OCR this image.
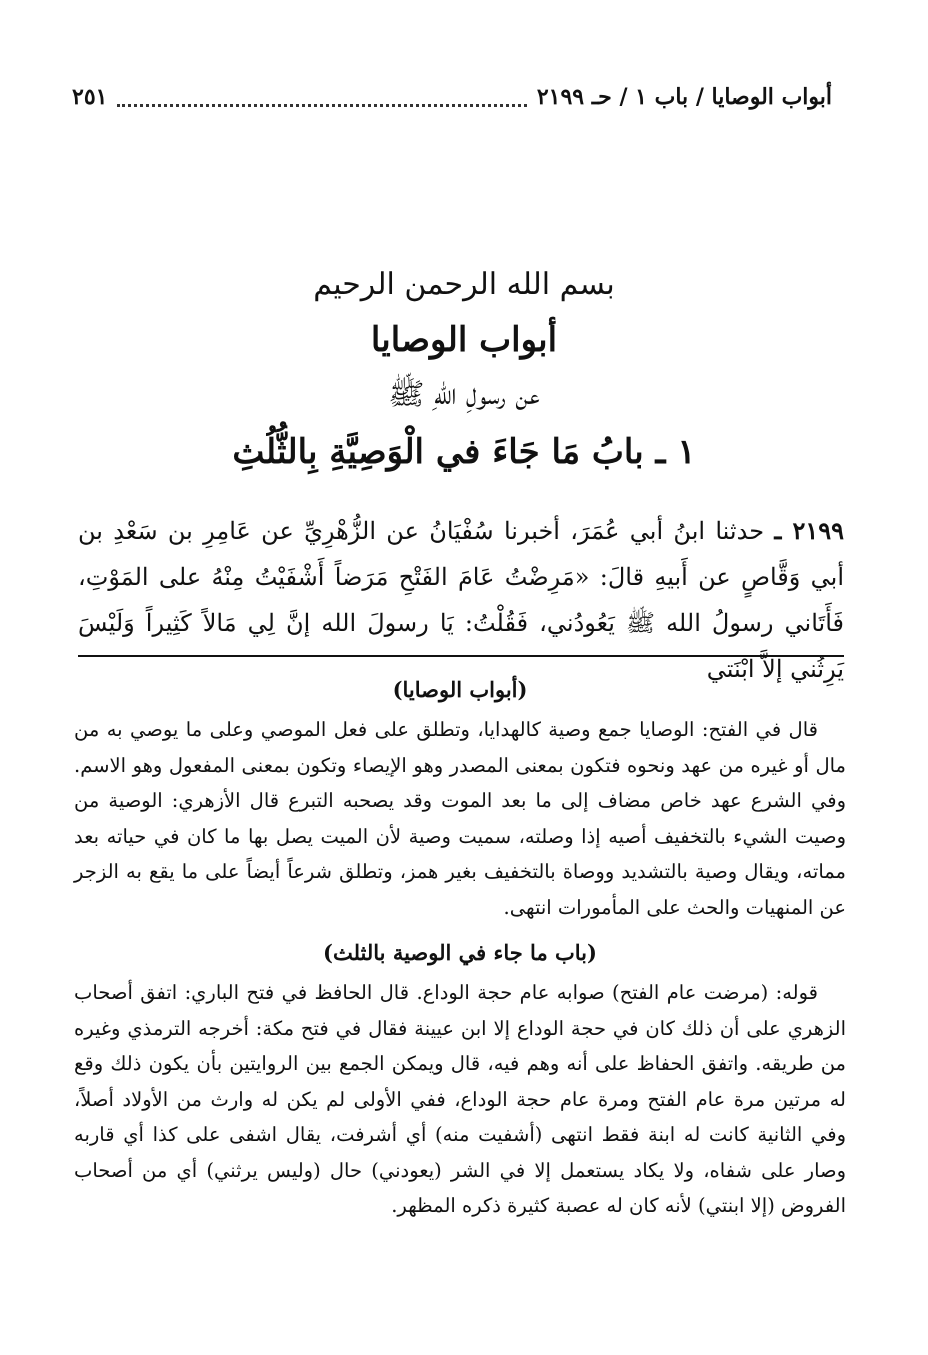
أبواب الوصايا / باب ١ / حـ ٢١٩٩
٢٥١
بسم الله الرحمن الرحيم
أبواب الوصايا
عن رسولِ اللهِ ﷺ
١ ـ بابُ مَا جَاءَ في الْوَصِيَّةِ بِالثُّلُثِ
٢١٩٩ ـ حدثنا ابنُ أبي عُمَرَ، أخبرنا سُفْيَانُ عن الزُّهْرِيِّ عن عَامِرِ بن سَعْدِ بن أبي وَقَّاصٍ عن أَبيهِ قالَ: «مَرِضْتُ عَامَ الفَتْحِ مَرَضاً أَشْفَيْتُ مِنْهُ على المَوْتِ، فَأَتَاني رسولُ الله ﷺ يَعُودُني، فَقُلْتُ: يَا رسولَ الله إنَّ لِي مَالاً كَثِيراً وَلَيْسَ يَرِثُني إلاَّ ابْنَتي
(أبواب الوصايا)

قال في الفتح: الوصايا جمع وصية كالهدايا، وتطلق على فعل الموصي وعلى ما يوصي به من مال أو غيره من عهد ونحوه فتكون بمعنى المصدر وهو الإيصاء وتكون بمعنى المفعول وهو الاسم. وفي الشرع عهد خاص مضاف إلى ما بعد الموت وقد يصحبه التبرع قال الأزهري: الوصية من وصيت الشيء بالتخفيف أصيه إذا وصلته، سميت وصية لأن الميت يصل بها ما كان في حياته بعد مماته، ويقال وصية بالتشديد ووصاة بالتخفيف بغير همز، وتطلق شرعاً أيضاً على ما يقع به الزجر عن المنهيات والحث على المأمورات انتهى.

(باب ما جاء في الوصية بالثلث)

قوله: (مرضت عام الفتح) صوابه عام حجة الوداع. قال الحافظ في فتح الباري: اتفق أصحاب الزهري على أن ذلك كان في حجة الوداع إلا ابن عيينة فقال في فتح مكة: أخرجه الترمذي وغيره من طريقه. واتفق الحفاظ على أنه وهم فيه، قال ويمكن الجمع بين الروايتين بأن يكون ذلك وقع له مرتين مرة عام الفتح ومرة عام حجة الوداع، ففي الأولى لم يكن له وارث من الأولاد أصلاً، وفي الثانية كانت له ابنة فقط انتهى (أشفيت منه) أي أشرفت، يقال اشفى على كذا أي قاربه وصار على شفاه، ولا يكاد يستعمل إلا في الشر (يعودني) حال (وليس يرثني) أي من أصحاب الفروض (إلا ابنتي) لأنه كان له عصبة كثيرة ذكره المظهر.
